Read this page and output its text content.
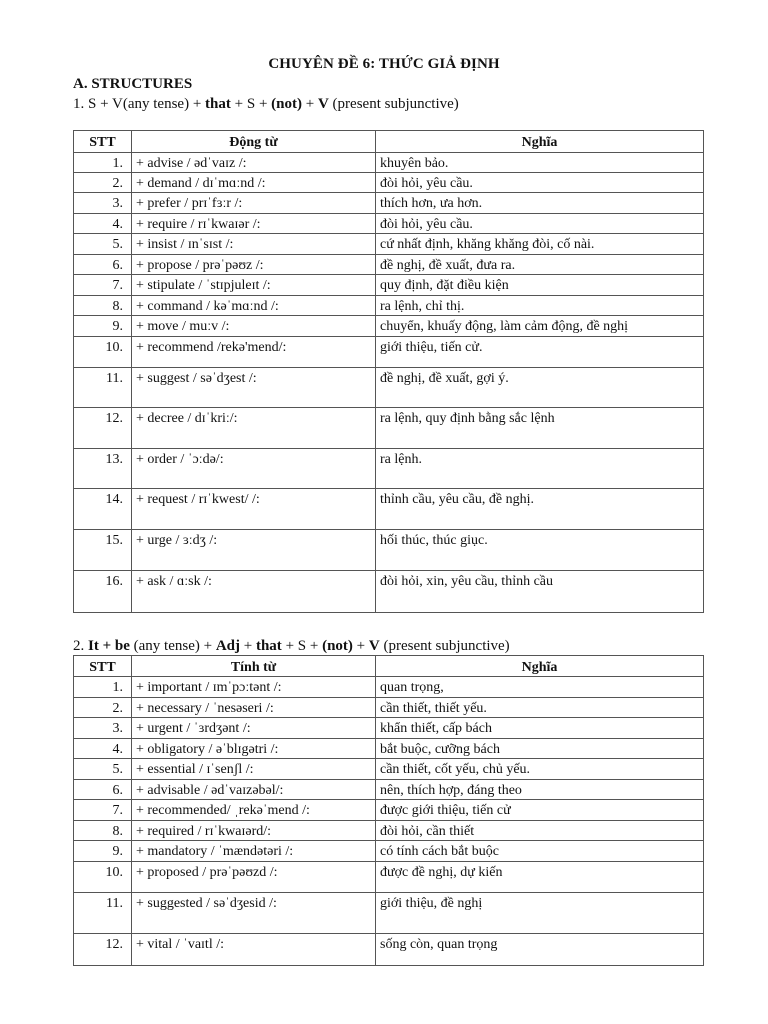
CHUYÊN ĐỀ 6: THỨC GIẢ ĐỊNH
A. STRUCTURES
1. S + V(any tense) + that + S + (not) + V (present subjunctive)
STT	Động từ	Nghĩa
1.	+ advise / ədˈvaɪz /:	khuyên bảo.
2.	+ demand / dɪˈmɑːnd /:	đòi hỏi, yêu cầu.
3.	+ prefer / prɪˈfɜːr /:	thích hơn, ưa hơn.
4.	+ require / rɪˈkwaɪər /:	đòi hỏi, yêu cầu.
5.	+ insist / ɪnˈsɪst /:	cứ nhất định, khăng khăng đòi, cố nài.
6.	+ propose / prəˈpəʊz /:	đề nghị, đề xuất, đưa ra.
7.	+ stipulate / ˈstɪpjuleɪt /:	quy định, đặt điều kiện
8.	+ command / kəˈmɑːnd /:	ra lệnh, chỉ thị.
9.	+ move / muːv /:	chuyển, khuấy động, làm cảm động, đề nghị
10.	+ recommend /rekə'mend/:	giới thiệu, tiến cử.
11.	+ suggest / səˈdʒest /:	đề nghị, đề xuất, gợi ý.
12.	+ decree / dɪˈkriː/:	ra lệnh, quy định bằng sắc lệnh
13.	+ order / ˈɔːdə/:	ra lệnh.
14.	+ request / rɪˈkwest/ /:	thỉnh cầu, yêu cầu, đề nghị.
15.	+ urge / ɜːdʒ /:	hối thúc, thúc giục.
16.	+ ask / ɑːsk /:	đòi hỏi, xin, yêu cầu, thỉnh cầu
2. It + be (any tense) + Adj + that + S + (not) + V (present subjunctive)
STT	Tính từ	Nghĩa
1.	+ important / ɪmˈpɔːtənt /:	quan trọng,
2.	+ necessary / ˈnesəseri /:	cần thiết, thiết yếu.
3.	+ urgent / ˈɜrdʒənt /:	khẩn thiết, cấp bách
4.	+ obligatory / əˈblɪgətri /:	bắt buộc, cưỡng bách
5.	+ essential / ɪˈsenʃl /:	cần thiết, cốt yếu, chủ yếu.
6.	+ advisable / ədˈvaɪzəbəl/:	nên, thích hợp, đáng theo
7.	+ recommended/ ˌrekəˈmend /:	được giới thiệu, tiến cử
8.	+ required / rɪˈkwaɪərd/:	đòi hỏi, cần thiết
9.	+ mandatory / ˈmændətəri /:	có tính cách bắt buộc
10.	+ proposed / prəˈpəʊzd /:	được đề nghị, dự kiến
11.	+ suggested / səˈdʒesid /:	giới thiệu, đề nghị
12.	+ vital / ˈvaɪtl /:	sống còn, quan trọng
